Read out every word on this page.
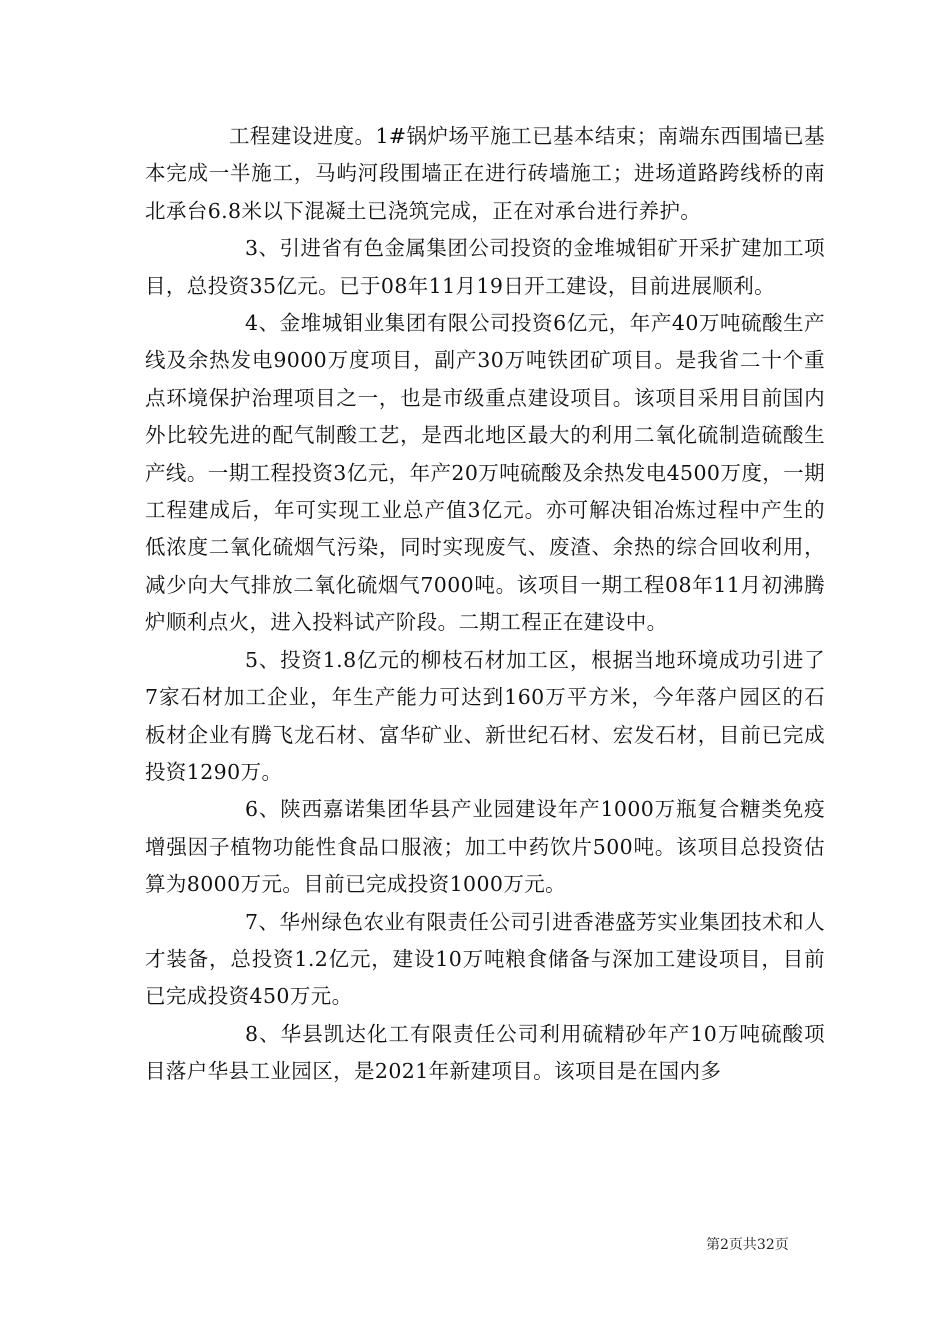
工程建设进度。1#锅炉场平施工已基本结束；南端东西围墙已基本完成一半施工，马屿河段围墙正在进行砖墙施工；进场道路跨线桥的南北承台6.8米以下混凝土已浇筑完成，正在对承台进行养护。

3、引进省有色金属集团公司投资的金堆城钼矿开采扩建加工项目，总投资35亿元。已于08年11月19日开工建设，目前进展顺利。

4、金堆城钼业集团有限公司投资6亿元，年产40万吨硫酸生产线及余热发电9000万度项目，副产30万吨铁团矿项目。是我省二十个重点环境保护治理项目之一，也是市级重点建设项目。该项目采用目前国内外比较先进的配气制酸工艺，是西北地区最大的利用二氧化硫制造硫酸生产线。一期工程投资3亿元，年产20万吨硫酸及余热发电4500万度，一期工程建成后，年可实现工业总产值3亿元。亦可解决钼冶炼过程中产生的低浓度二氧化硫烟气污染，同时实现废气、废渣、余热的综合回收利用，减少向大气排放二氧化硫烟气7000吨。该项目一期工程08年11月初沸腾炉顺利点火，进入投料试产阶段。二期工程正在建设中。

5、投资1.8亿元的柳枝石材加工区，根据当地环境成功引进了7家石材加工企业，年生产能力可达到160万平方米，今年落户园区的石板材企业有腾飞龙石材、富华矿业、新世纪石材、宏发石材，目前已完成投资1290万。

6、陕西嘉诺集团华县产业园建设年产1000万瓶复合糖类免疫增强因子植物功能性食品口服液；加工中药饮片500吨。该项目总投资估算为8000万元。目前已完成投资1000万元。

7、华州绿色农业有限责任公司引进香港盛芳实业集团技术和人才装备，总投资1.2亿元，建设10万吨粮食储备与深加工建设项目，目前已完成投资450万元。

8、华县凯达化工有限责任公司利用硫精砂年产10万吨硫酸项目落户华县工业园区，是2021年新建项目。该项目是在国内多

第2页共32页
